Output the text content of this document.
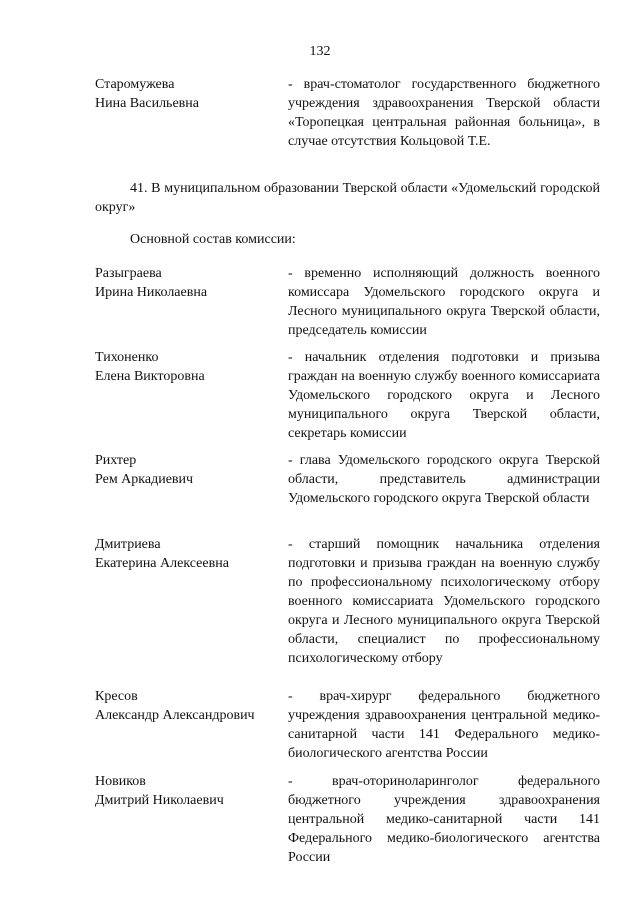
132
Старомужева
Нина Васильевна
- врач-стоматолог государственного бюджетного учреждения здравоохранения Тверской области «Торопецкая центральная районная больница», в случае отсутствия Кольцовой Т.Е.
41. В муниципальном образовании Тверской области «Удомельский городской округ»
Основной состав комиссии:
Разыграева
Ирина Николаевна
- временно исполняющий должность военного комиссара Удомельского городского округа и Лесного муниципального округа Тверской области, председатель комиссии
Тихоненко
Елена Викторовна
- начальник отделения подготовки и призыва граждан на военную службу военного комиссариата Удомельского городского округа и Лесного муниципального округа Тверской области, секретарь комиссии
Рихтер
Рем Аркадиевич
- глава Удомельского городского округа Тверской области, представитель администрации Удомельского городского округа Тверской области
Дмитриева
Екатерина Алексеевна
- старший помощник начальника отделения подготовки и призыва граждан на военную службу по профессиональному психологическому отбору военного комиссариата Удомельского городского округа и Лесного муниципального округа Тверской области, специалист по профессиональному психологическому отбору
Кресов
Александр Александрович
- врач-хирург федерального бюджетного учреждения здравоохранения центральной медико-санитарной части 141 Федерального медико-биологического агентства России
Новиков
Дмитрий Николаевич
- врач-оториноларинголог федерального бюджетного учреждения здравоохранения центральной медико-санитарной части 141 Федерального медико-биологического агентства России
